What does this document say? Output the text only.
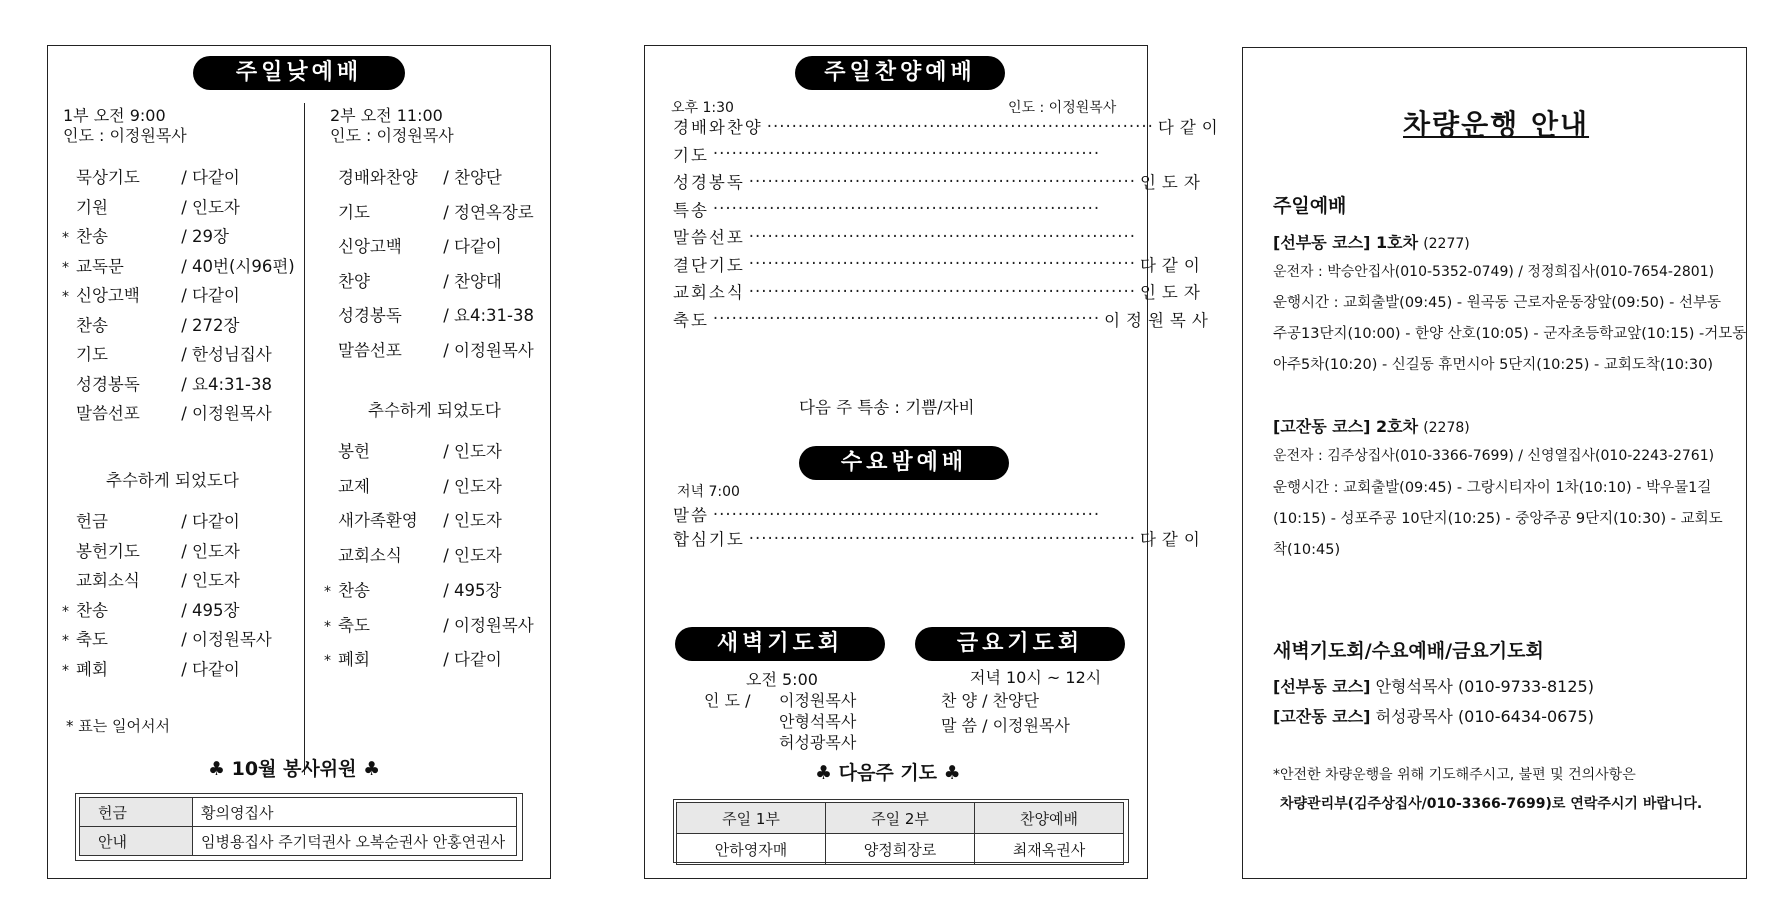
주일낮예배
1부 오전 9:00
인도 : 이정원목사
2부 오전 11:00
인도 : 이정원목사
묵상기도	/ 다같이
기원	/ 인도자
* 찬송	/ 29장
* 교독문	/ 40번(시96편)
* 신앙고백	/ 다같이
찬송	/ 272장
기도	/ 한성님집사
성경봉독	/ 요4:31-38
말씀선포	/ 이정원목사
추수하게 되었도다
헌금	/ 다같이
봉헌기도	/ 인도자
교회소식	/ 인도자
* 찬송	/ 495장
* 축도	/ 이정원목사
* 폐회	/ 다같이
* 표는 일어서서
경배와찬양 / 찬양단
기도	/ 정연옥장로
신앙고백	/ 다같이
찬양	/ 찬양대
성경봉독	/ 요4:31-38
말씀선포	/ 이정원목사
추수하게 되었도다
봉헌	/ 인도자
교제	/ 인도자
새가족환영 / 인도자
교회소식	/ 인도자
* 찬송	/ 495장
* 축도	/ 이정원목사
* 폐회	/ 다같이
♣ 10월 봉사위원 ♣
헌금	황의영집사

안내	임병용집사 주기덕권사 오복순권사 안홍연권사
주일찬양예배
오후 1:30	인도 : 이정원목사
경배와찬양 ······························································ 다같이
기도 ······························································
성경봉독 ······························································ 인도자
특송 ······························································
말씀선포 ······························································
결단기도 ······························································ 다같이
교회소식 ······························································ 인도자
축도 ······························································ 이정원목사
다음 주 특송 : 기쁨/자비
수요밤예배
저녁 7:00
말씀 ······························································
합심기도 ······························································ 다같이
새벽기도회	금요기도회
오전 5:00
인 도 / 이정원목사
안형석목사
허성광목사
저녁 10시 ~ 12시
찬 양 / 찬양단
말 씀 / 이정원목사
♣ 다음주 기도 ♣
주일 1부	주일 2부	찬양예배
안하영자매	양정희장로	최재옥권사
차량운행 안내
주일예배
[선부동 코스] 1호차 (2277)
운전자 : 박승안집사(010-5352-0749) / 정정희집사(010-7654-2801)
운행시간 : 교회출발(09:45) - 원곡동 근로자운동장앞(09:50) - 선부동
주공13단지(10:00) - 한양 산호(10:05) - 군자초등학교앞(10:15) -거모동
아주5차(10:20) - 신길동 휴먼시아 5단지(10:25) - 교회도착(10:30)
[고잔동 코스] 2호차 (2278)
운전자 : 김주상집사(010-3366-7699) / 신영열집사(010-2243-2761)
운행시간 : 교회출발(09:45) - 그랑시티자이 1차(10:10) - 박우물1길
(10:15) - 성포주공 10단지(10:25) - 중앙주공 9단지(10:30) - 교회도
착(10:45)
새벽기도회/수요예배/금요기도회
[선부동 코스] 안형석목사 (010-9733-8125)
[고잔동 코스] 허성광목사 (010-6434-0675)
*안전한 차량운행을 위해 기도해주시고, 불편 및 건의사항은
차량관리부(김주상집사/010-3366-7699)로 연락주시기 바랍니다.
